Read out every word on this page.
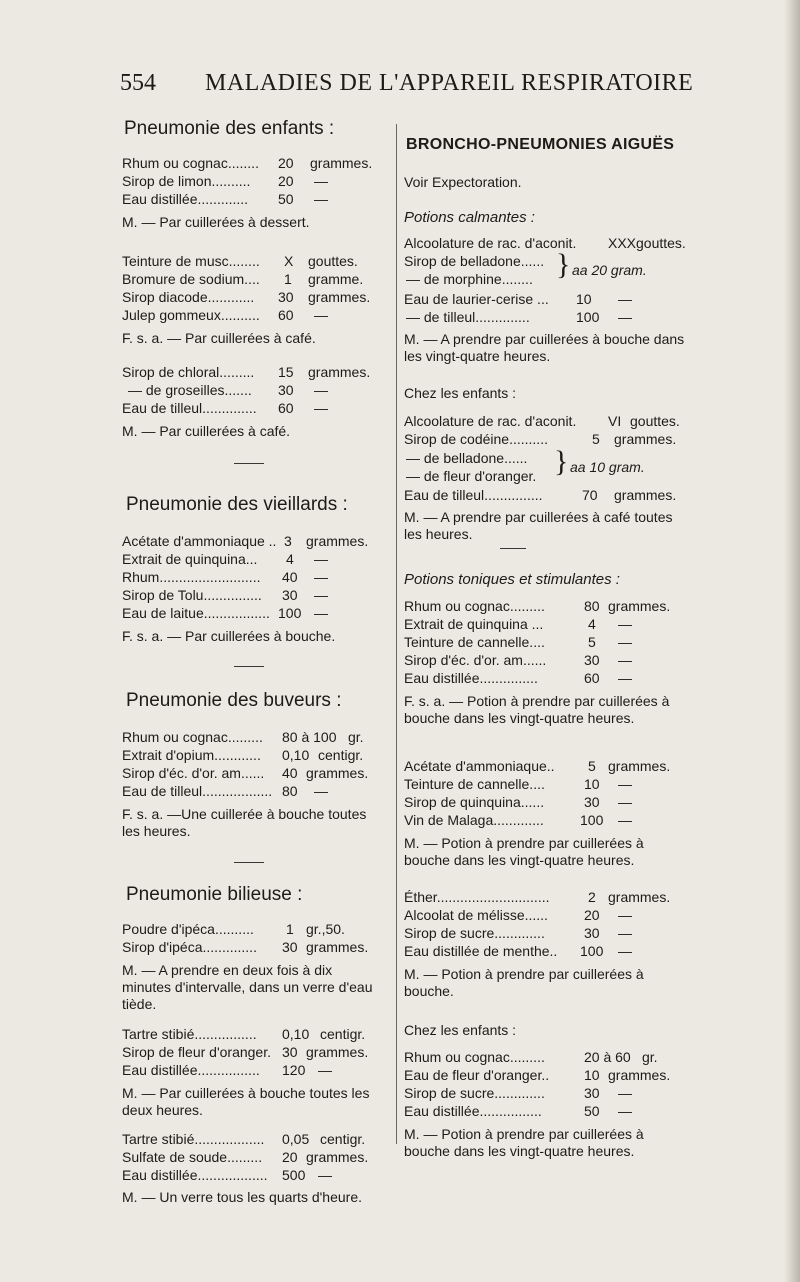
554 MALADIES DE L'APPAREIL RESPIRATOIRE
Pneumonie des enfants :
Rhum ou cognac........ 20 grammes.
Sirop de limon.......... 20 —
Eau distillée............. 50 —
M. — Par cuillerées à dessert.
Teinture de musc........ X gouttes.
Bromure de sodium.... 1 gramme.
Sirop diacode............ 30 grammes.
Julep gommeux.......... 60 —
F. s. a. — Par cuillerées à café.
Sirop de chloral......... 15 grammes.
— de groseilles....... 30 —
Eau de tilleul.............. 60 —
M. — Par cuillerées à café.
Pneumonie des vieillards :
Acétate d'ammoniaque .. 3 grammes.
Extrait de quinquina... 4 —
Rhum.......................... 40 —
Sirop de Tolu............... 30 —
Eau de laitue................. 100 —
F. s. a. — Par cuillerées à bouche.
Pneumonie des buveurs :
Rhum ou cognac......... 80 à 100 gr.
Extrait d'opium............ 0,10 centigr.
Sirop d'éc. d'or. am...... 40 grammes.
Eau de tilleul.................. 80 —
F. s. a. —Une cuillerée à bouche toutes les heures.
Pneumonie bilieuse :
Poudre d'ipéca.......... 1 gr.,50.
Sirop d'ipéca.............. 30 grammes.
M. — A prendre en deux fois à dix minutes d'intervalle, dans un verre d'eau tiède.
Tartre stibié................ 0,10 centigr.
Sirop de fleur d'oranger. 30 grammes.
Eau distillée................ 120 —
M. — Par cuillerées à bouche toutes les deux heures.
Tartre stibié.................. 0,05 centigr.
Sulfate de soude......... 20 grammes.
Eau distillée.................. 500 —
M. — Un verre tous les quarts d'heure.
BRONCHO-PNEUMONIES AIGUËS
Voir Expectoration.
Potions calmantes :
Alcoolature de rac. d'aconit. XXX gouttes.
Sirop de belladone......
— de morphine........ } aa 20 gram.
Eau de laurier-cerise ... 10 —
— de tilleul..............	100 —
M. — A prendre par cuillerées à bouche dans les vingt-quatre heures.
Chez les enfants :
Alcoolature de rac. d'aconit. VI gouttes.
Sirop de codéine..........	5 grammes.
— de belladone......
— de fleur d'oranger. } aa 10 gram.
Eau de tilleul...............	70 grammes.
M. — A prendre par cuillerées à café toutes les heures.
Potions toniques et stimulantes :
Rhum ou cognac.........	80 grammes.
Extrait de quinquina ...	4 —
Teinture de cannelle....	5 —
Sirop d'éc. d'or. am......	30 —
Eau distillée...............	60 —
F. s. a. — Potion à prendre par cuillerées à bouche dans les vingt-quatre heures.
Acétate d'ammoniaque.. 5 grammes.
Teinture de cannelle....	10 —
Sirop de quinquina......	30 —
Vin de Malaga.............	100 —
M. — Potion à prendre par cuillerées à bouche dans les vingt-quatre heures.
Éther.............................	2 grammes.
Alcoolat de mélisse......	20 —
Sirop de sucre.............	30 —
Eau distillée de menthe.. 100 —
M. — Potion à prendre par cuillerées à bouche.
Chez les enfants :
Rhum ou cognac.........	20 à 60 gr.
Eau de fleur d'oranger.. 10 grammes.
Sirop de sucre.............	30 —
Eau distillée................	50 —
M. — Potion à prendre par cuillerées à bouche dans les vingt-quatre heures.
